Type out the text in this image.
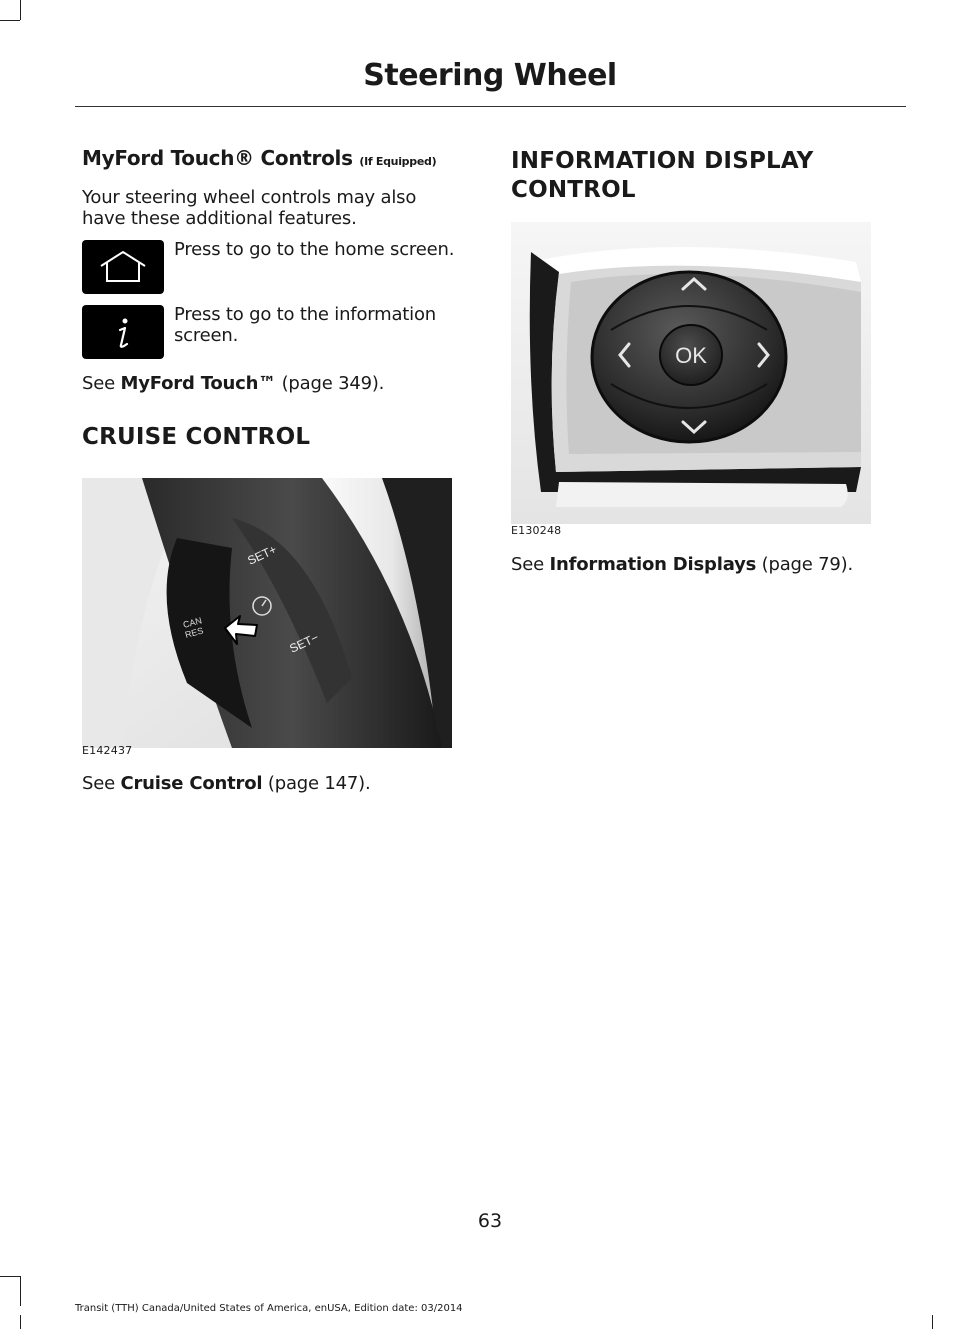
Steering Wheel
MyFord Touch® Controls (If Equipped)
Your steering wheel controls may also have these additional features.
Press to go to the home screen.
Press to go to the information screen.
See MyFord Touch™ (page 349).
CRUISE CONTROL
SET+
SET−
CAN
RES
E142437
See Cruise Control (page 147).
INFORMATION DISPLAY CONTROL
OK
E130248
See Information Displays (page 79).
63
Transit (TTH) Canada/United States of America, enUSA, Edition date: 03/2014
